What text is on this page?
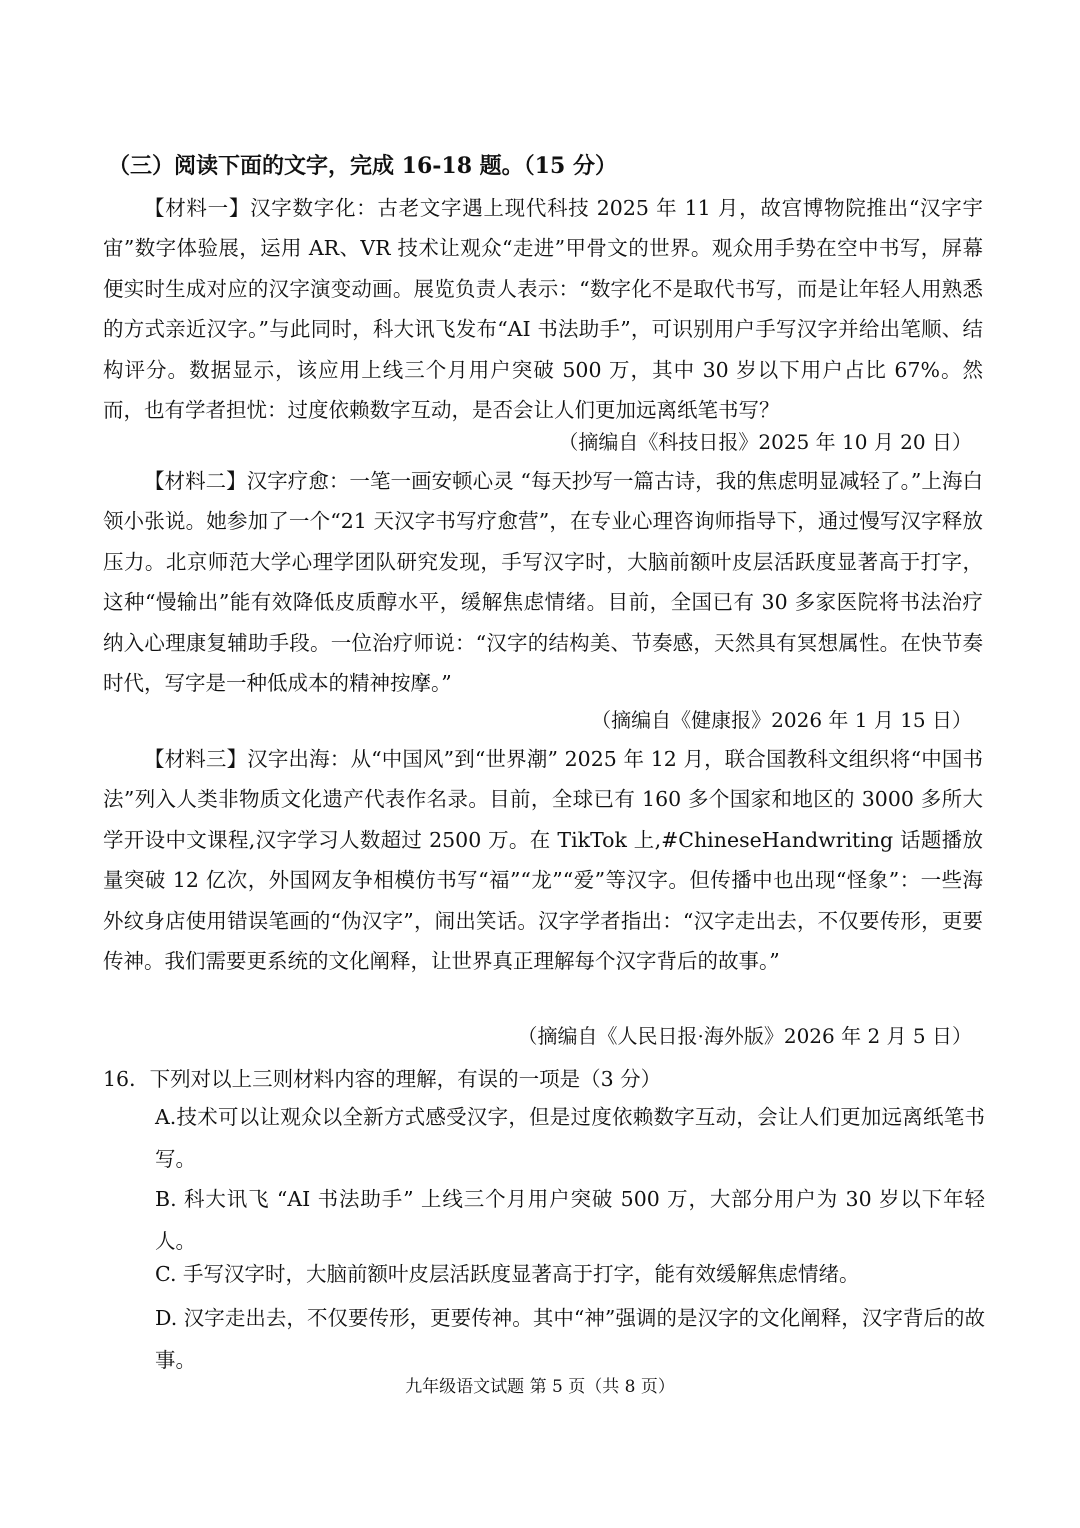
（三）阅读下面的文字，完成 16-18 题。（15 分）

【材料一】汉字数字化：古老文字遇上现代科技 2025 年 11 月，故宫博物院推出“汉字宇宙”数字体验展，运用 AR、VR 技术让观众“走进”甲骨文的世界。观众用手势在空中书写，屏幕便实时生成对应的汉字演变动画。展览负责人表示：“数字化不是取代书写，而是让年轻人用熟悉的方式亲近汉字。”与此同时，科大讯飞发布“AI 书法助手”，可识别用户手写汉字并给出笔顺、结构评分。数据显示，该应用上线三个月用户突破 500 万，其中 30 岁以下用户占比 67%。然而，也有学者担忧：过度依赖数字互动，是否会让人们更加远离纸笔书写？

（摘编自《科技日报》2025 年 10 月 20 日）

【材料二】汉字疗愈：一笔一画安顿心灵 “每天抄写一篇古诗，我的焦虑明显减轻了。”上海白领小张说。她参加了一个“21 天汉字书写疗愈营”，在专业心理咨询师指导下，通过慢写汉字释放压力。北京师范大学心理学团队研究发现，手写汉字时，大脑前额叶皮层活跃度显著高于打字，这种“慢输出”能有效降低皮质醇水平，缓解焦虑情绪。目前，全国已有 30 多家医院将书法治疗纳入心理康复辅助手段。一位治疗师说：“汉字的结构美、节奏感，天然具有冥想属性。在快节奏时代，写字是一种低成本的精神按摩。”

（摘编自《健康报》2026 年 1 月 15 日）

【材料三】汉字出海：从“中国风”到“世界潮” 2025 年 12 月，联合国教科文组织将“中国书法”列入人类非物质文化遗产代表作名录。目前，全球已有 160 多个国家和地区的 3000 多所大学开设中文课程,汉字学习人数超过 2500 万。在 TikTok 上,#ChineseHandwriting 话题播放量突破 12 亿次，外国网友争相模仿书写“福”“龙”“爱”等汉字。但传播中也出现“怪象”：一些海外纹身店使用错误笔画的“伪汉字”，闹出笑话。汉字学者指出：“汉字走出去，不仅要传形，更要传神。我们需要更系统的文化阐释，让世界真正理解每个汉字背后的故事。”

（摘编自《人民日报·海外版》2026 年 2 月 5 日）

16．下列对以上三则材料内容的理解，有误的一项是（3 分）

A.技术可以让观众以全新方式感受汉字，但是过度依赖数字互动，会让人们更加远离纸笔书写。

B. 科大讯飞 “AI 书法助手” 上线三个月用户突破 500 万，大部分用户为 30 岁以下年轻人。

C. 手写汉字时，大脑前额叶皮层活跃度显著高于打字，能有效缓解焦虑情绪。

D. 汉字走出去，不仅要传形，更要传神。其中“神”强调的是汉字的文化阐释，汉字背后的故事。

九年级语文试题 第 5 页（共 8 页）
